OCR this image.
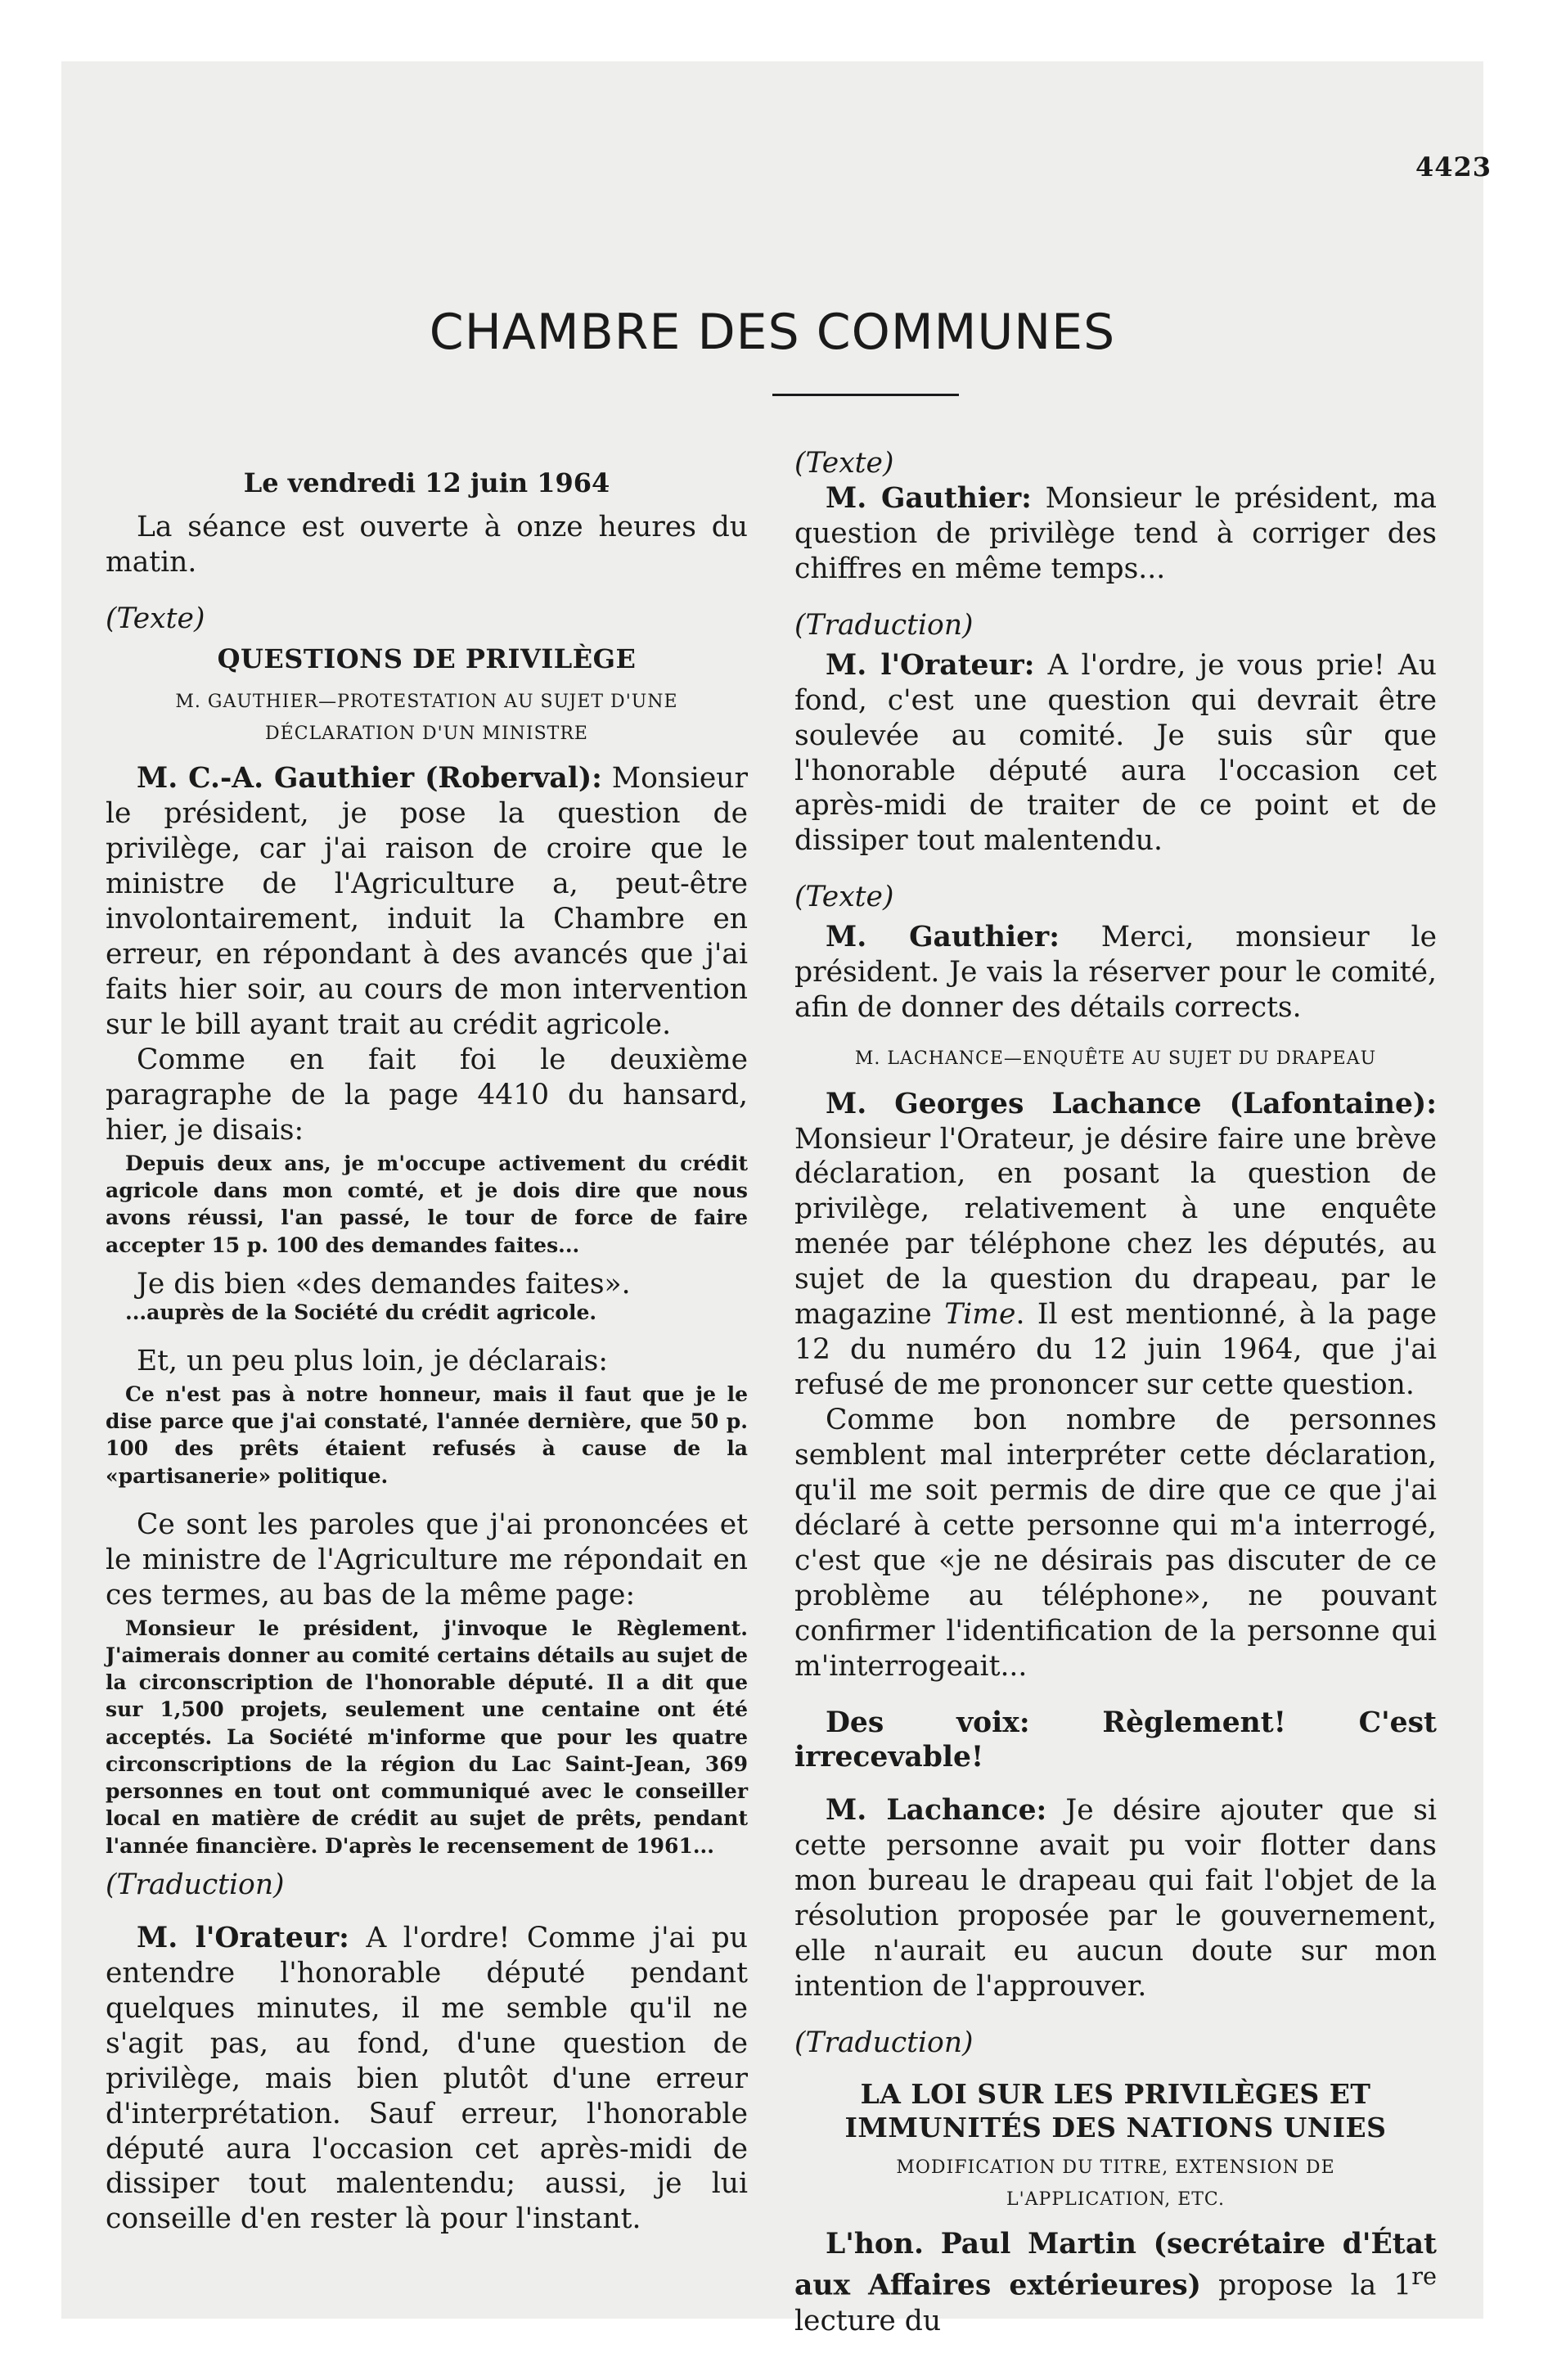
4423
CHAMBRE DES COMMUNES

Le vendredi 12 juin 1964

La séance est ouverte à onze heures du matin.

(Texte)

QUESTIONS DE PRIVILÈGE

M. GAUTHIER—PROTESTATION AU SUJET D'UNE DÉCLARATION D'UN MINISTRE

M. C.-A. Gauthier (Roberval): Monsieur le président, je pose la question de privilège, car j'ai raison de croire que le ministre de l'Agriculture a, peut-être involontairement, induit la Chambre en erreur, en répondant à des avancés que j'ai faits hier soir, au cours de mon intervention sur le bill ayant trait au crédit agricole.

Comme en fait foi le deuxième paragraphe de la page 4410 du hansard, hier, je disais:

Depuis deux ans, je m'occupe activement du crédit agricole dans mon comté, et je dois dire que nous avons réussi, l'an passé, le tour de force de faire accepter 15 p. 100 des demandes faites...

Je dis bien «des demandes faites».

...auprès de la Société du crédit agricole.

Et, un peu plus loin, je déclarais:

Ce n'est pas à notre honneur, mais il faut que je le dise parce que j'ai constaté, l'année dernière, que 50 p. 100 des prêts étaient refusés à cause de la «partisanerie» politique.

Ce sont les paroles que j'ai prononcées et le ministre de l'Agriculture me répondait en ces termes, au bas de la même page:

Monsieur le président, j'invoque le Règlement. J'aimerais donner au comité certains détails au sujet de la circonscription de l'honorable député. Il a dit que sur 1,500 projets, seulement une centaine ont été acceptés. La Société m'informe que pour les quatre circonscriptions de la région du Lac Saint-Jean, 369 personnes en tout ont communiqué avec le conseiller local en matière de crédit au sujet de prêts, pendant l'année financière. D'après le recensement de 1961...

(Traduction)

M. l'Orateur: A l'ordre! Comme j'ai pu entendre l'honorable député pendant quelques minutes, il me semble qu'il ne s'agit pas, au fond, d'une question de privilège, mais bien plutôt d'une erreur d'interprétation. Sauf erreur, l'honorable député aura l'occasion cet après-midi de dissiper tout malentendu; aussi, je lui conseille d'en rester là pour l'instant.

(Texte)

M. Gauthier: Monsieur le président, ma question de privilège tend à corriger des chiffres en même temps...

(Traduction)

M. l'Orateur: A l'ordre, je vous prie! Au fond, c'est une question qui devrait être soulevée au comité. Je suis sûr que l'honorable député aura l'occasion cet après-midi de traiter de ce point et de dissiper tout malentendu.

(Texte)

M. Gauthier: Merci, monsieur le président. Je vais la réserver pour le comité, afin de donner des détails corrects.

M. LACHANCE—ENQUÊTE AU SUJET DU DRAPEAU

M. Georges Lachance (Lafontaine): Monsieur l'Orateur, je désire faire une brève déclaration, en posant la question de privilège, relativement à une enquête menée par téléphone chez les députés, au sujet de la question du drapeau, par le magazine Time. Il est mentionné, à la page 12 du numéro du 12 juin 1964, que j'ai refusé de me prononcer sur cette question.

Comme bon nombre de personnes semblent mal interpréter cette déclaration, qu'il me soit permis de dire que ce que j'ai déclaré à cette personne qui m'a interrogé, c'est que «je ne désirais pas discuter de ce problème au téléphone», ne pouvant confirmer l'identification de la personne qui m'interrogeait...

Des voix: Règlement! C'est irrecevable!

M. Lachance: Je désire ajouter que si cette personne avait pu voir flotter dans mon bureau le drapeau qui fait l'objet de la résolution proposée par le gouvernement, elle n'aurait eu aucun doute sur mon intention de l'approuver.

(Traduction)

LA LOI SUR LES PRIVILÈGES ET IMMUNITÉS DES NATIONS UNIES

MODIFICATION DU TITRE, EXTENSION DE L'APPLICATION, ETC.

L'hon. Paul Martin (secrétaire d'État aux Affaires extérieures) propose la 1re lecture du
